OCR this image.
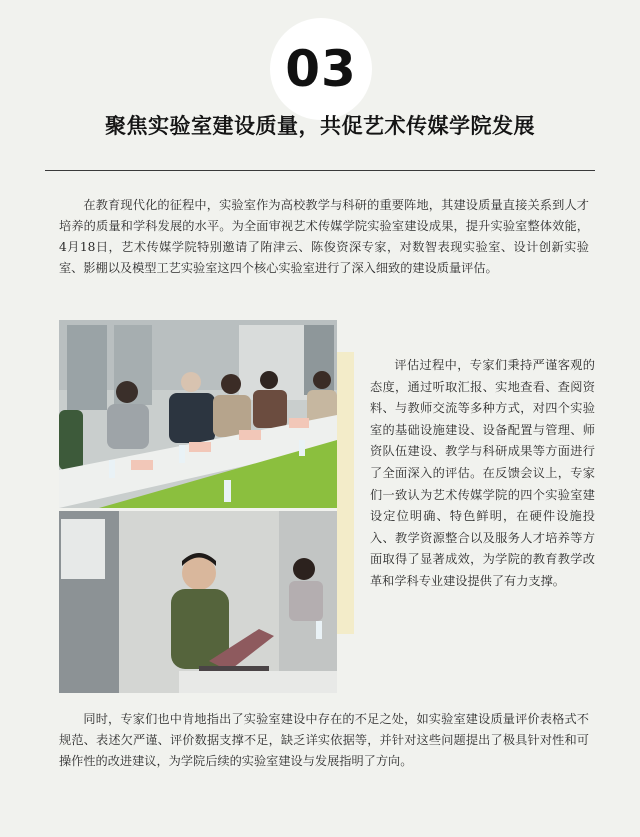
03
聚焦实验室建设质量，共促艺术传媒学院发展

在教育现代化的征程中，实验室作为高校教学与科研的重要阵地，其建设质量直接关系到人才培养的质量和学科发展的水平。为全面审视艺术传媒学院实验室建设成果，提升实验室整体效能，4月18日，艺术传媒学院特别邀请了陏津云、陈俊资深专家，对数智表现实验室、设计创新实验室、影棚以及模型工艺实验室这四个核心实验室进行了深入细致的建设质量评估。

评估过程中，专家们秉持严谨客观的态度，通过听取汇报、实地查看、查阅资料、与教师交流等多种方式，对四个实验室的基础设施建设、设备配置与管理、师资队伍建设、教学与科研成果等方面进行了全面深入的评估。在反馈会议上，专家们一致认为艺术传媒学院的四个实验室建设定位明确、特色鲜明，在硬件设施投入、教学资源整合以及服务人才培养等方面取得了显著成效，为学院的教育教学改革和学科专业建设提供了有力支撑。

同时，专家们也中肯地指出了实验室建设中存在的不足之处，如实验室建设质量评价表格式不规范、表述欠严谨、评价数据支撑不足，缺乏详实依据等，并针对这些问题提出了极具针对性和可操作性的改进建议，为学院后续的实验室建设与发展指明了方向。
